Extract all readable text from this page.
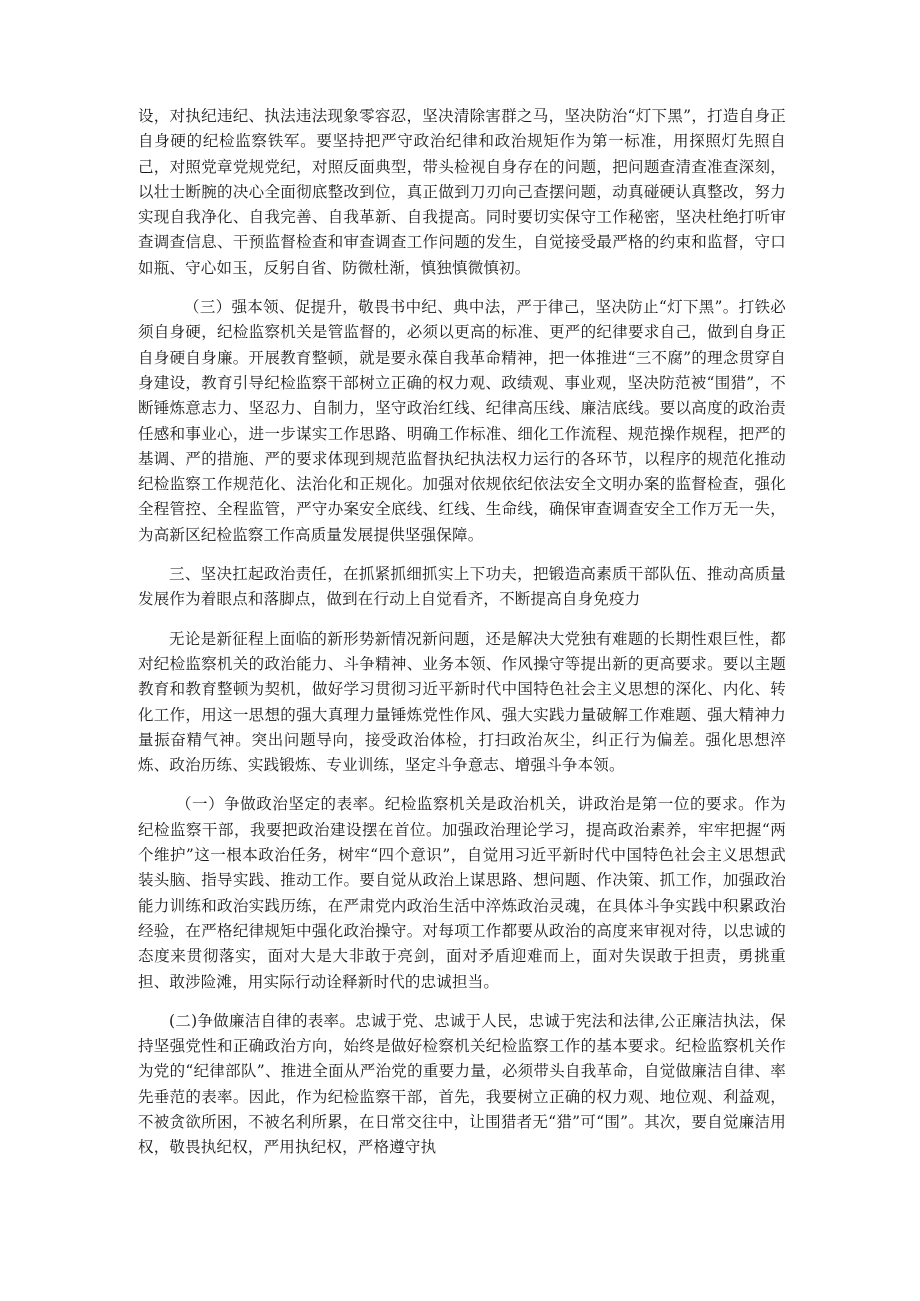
设，对执纪违纪、执法违法现象零容忍，坚决清除害群之马，坚决防治“灯下黑”，打造自身正自身硬的纪检监察铁军。要坚持把严守政治纪律和政治规矩作为第一标准，用探照灯先照自己，对照党章党规党纪，对照反面典型，带头检视自身存在的问题，把问题查清查准查深刻，以壮士断腕的决心全面彻底整改到位，真正做到刀刃向己查摆问题，动真碰硬认真整改，努力实现自我净化、自我完善、自我革新、自我提高。同时要切实保守工作秘密，坚决杜绝打听审查调查信息、干预监督检查和审查调查工作问题的发生，自觉接受最严格的约束和监督，守口如瓶、守心如玉，反躬自省、防微杜渐，慎独慎微慎初。

（三）强本领、促提升，敬畏书中纪、典中法，严于律己，坚决防止“灯下黑”。打铁必须自身硬，纪检监察机关是管监督的，必须以更高的标准、更严的纪律要求自己，做到自身正自身硬自身廉。开展教育整顿，就是要永葆自我革命精神，把一体推进“三不腐”的理念贯穿自身建设，教育引导纪检监察干部树立正确的权力观、政绩观、事业观，坚决防范被“围猎”，不断锤炼意志力、坚忍力、自制力，坚守政治红线、纪律高压线、廉洁底线。要以高度的政治责任感和事业心，进一步谋实工作思路、明确工作标准、细化工作流程、规范操作规程，把严的基调、严的措施、严的要求体现到规范监督执纪执法权力运行的各环节，以程序的规范化推动纪检监察工作规范化、法治化和正规化。加强对依规依纪依法安全文明办案的监督检查，强化全程管控、全程监管，严守办案安全底线、红线、生命线，确保审查调查安全工作万无一失，为高新区纪检监察工作高质量发展提供坚强保障。

三、坚决扛起政治责任，在抓紧抓细抓实上下功夫，把锻造高素质干部队伍、推动高质量发展作为着眼点和落脚点，做到在行动上自觉看齐，不断提高自身免疫力

无论是新征程上面临的新形势新情况新问题，还是解决大党独有难题的长期性艰巨性，都对纪检监察机关的政治能力、斗争精神、业务本领、作风操守等提出新的更高要求。要以主题教育和教育整顿为契机，做好学习贯彻习近平新时代中国特色社会主义思想的深化、内化、转化工作，用这一思想的强大真理力量锤炼党性作风、强大实践力量破解工作难题、强大精神力量振奋精气神。突出问题导向，接受政治体检，打扫政治灰尘，纠正行为偏差。强化思想淬炼、政治历练、实践锻炼、专业训练，坚定斗争意志、增强斗争本领。

（一）争做政治坚定的表率。纪检监察机关是政治机关，讲政治是第一位的要求。作为纪检监察干部，我要把政治建设摆在首位。加强政治理论学习，提高政治素养，牢牢把握“两个维护”这一根本政治任务，树牢“四个意识”，自觉用习近平新时代中国特色社会主义思想武装头脑、指导实践、推动工作。要自觉从政治上谋思路、想问题、作决策、抓工作，加强政治能力训练和政治实践历练，在严肃党内政治生活中淬炼政治灵魂，在具体斗争实践中积累政治经验，在严格纪律规矩中强化政治操守。对每项工作都要从政治的高度来审视对待，以忠诚的态度来贯彻落实，面对大是大非敢于亮剑，面对矛盾迎难而上，面对失误敢于担责，勇挑重担、敢涉险滩，用实际行动诠释新时代的忠诚担当。

(二)争做廉洁自律的表率。忠诚于党、忠诚于人民，忠诚于宪法和法律,公正廉洁执法，保持坚强党性和正确政治方向，始终是做好检察机关纪检监察工作的基本要求。纪检监察机关作为党的“纪律部队”、推进全面从严治党的重要力量，必须带头自我革命，自觉做廉洁自律、率先垂范的表率。因此，作为纪检监察干部，首先，我要树立正确的权力观、地位观、利益观，不被贪欲所困，不被名利所累，在日常交往中，让围猎者无“猎”可“围”。其次，要自觉廉洁用权，敬畏执纪权，严用执纪权，严格遵守执
